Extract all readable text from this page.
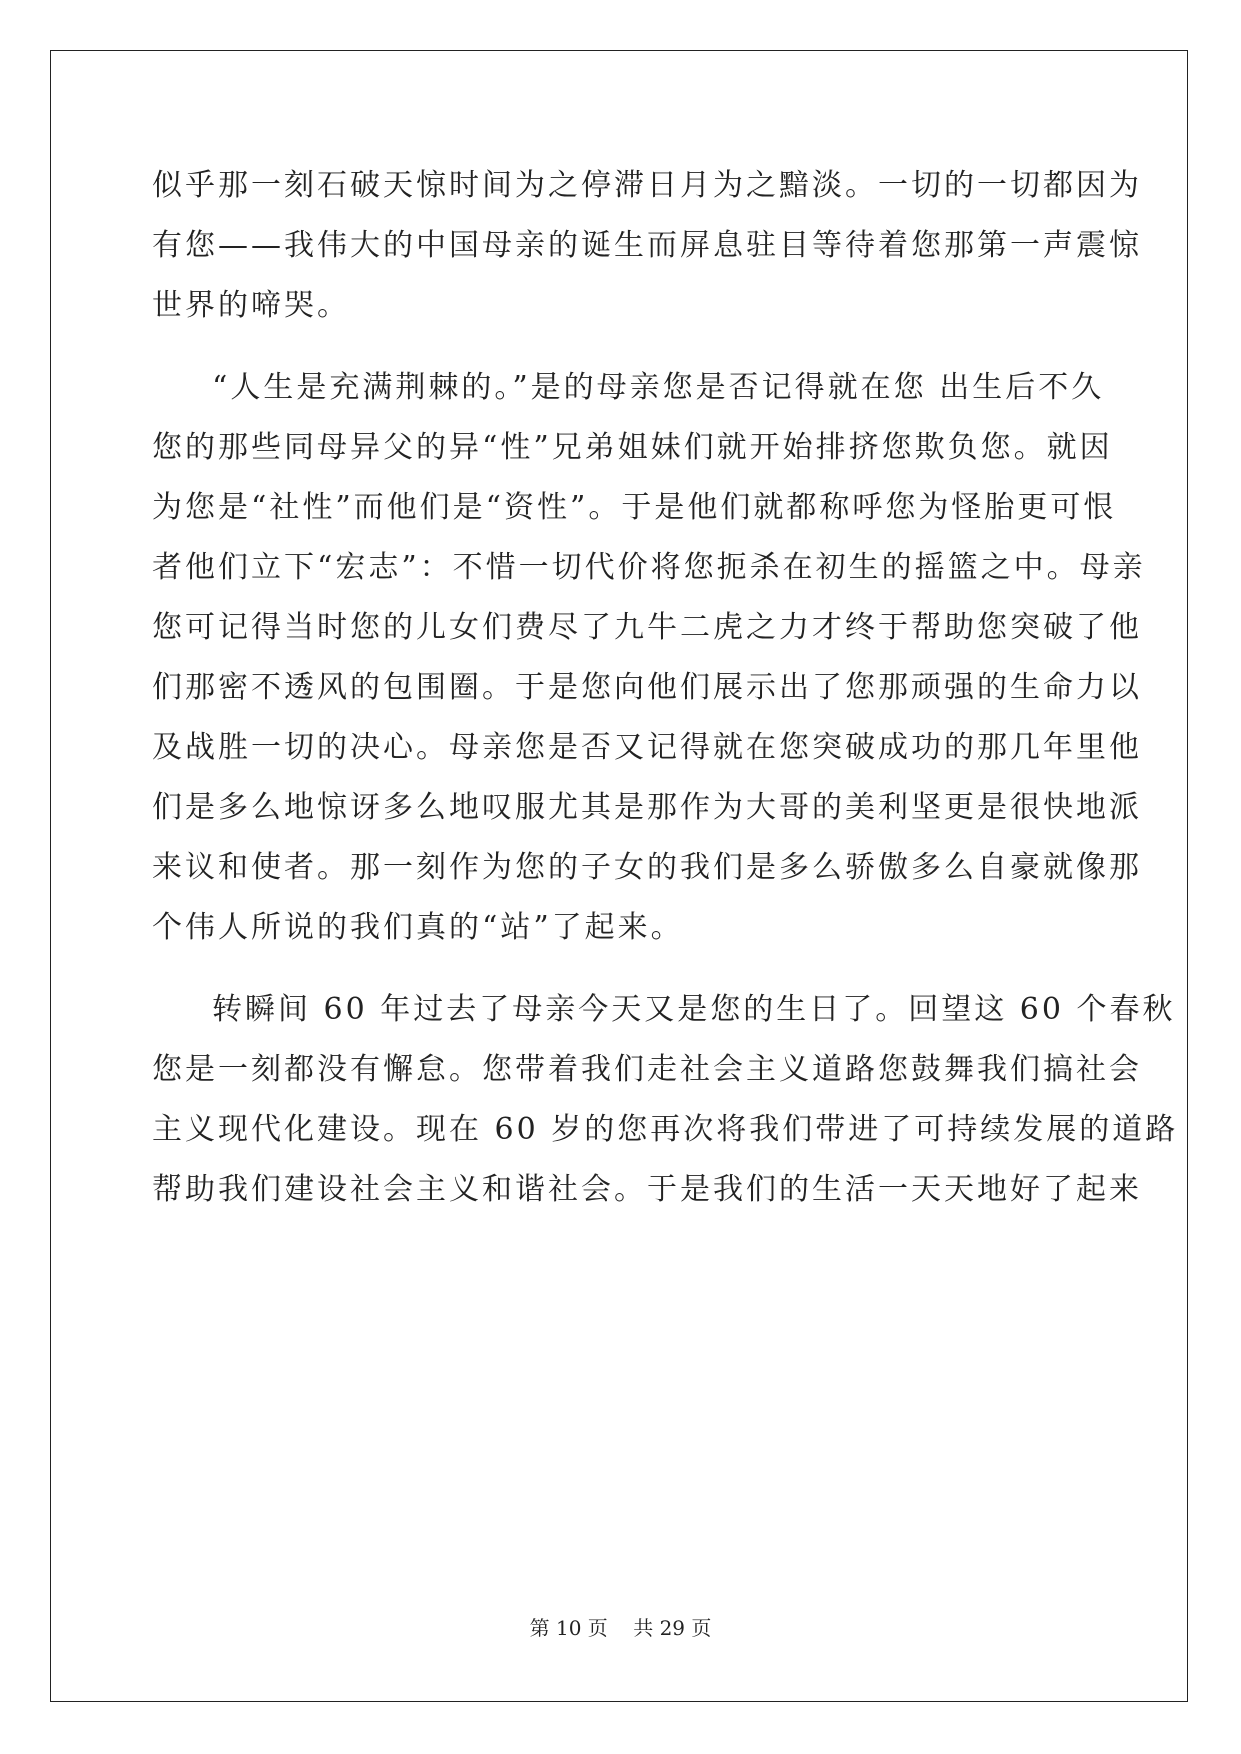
似乎那一刻石破天惊时间为之停滞日月为之黯淡。一切的一切都因为
有您——我伟大的中国母亲的诞生而屏息驻目等待着您那第一声震惊
世界的啼哭。
“人生是充满荆棘的。”是的母亲您是否记得就在您 出生后不久
您的那些同母异父的异“性”兄弟姐妹们就开始排挤您欺负您。就因
为您是“社性”而他们是“资性”。于是他们就都称呼您为怪胎更可恨
者他们立下“宏志”：不惜一切代价将您扼杀在初生的摇篮之中。母亲
您可记得当时您的儿女们费尽了九牛二虎之力才终于帮助您突破了他
们那密不透风的包围圈。于是您向他们展示出了您那顽强的生命力以
及战胜一切的决心。母亲您是否又记得就在您突破成功的那几年里他
们是多么地惊讶多么地叹服尤其是那作为大哥的美利坚更是很快地派
来议和使者。那一刻作为您的子女的我们是多么骄傲多么自豪就像那
个伟人所说的我们真的“站”了起来。
转瞬间 60 年过去了母亲今天又是您的生日了。回望这 60 个春秋
您是一刻都没有懈怠。您带着我们走社会主义道路您鼓舞我们搞社会
主义现代化建设。现在 60 岁的您再次将我们带进了可持续发展的道路
帮助我们建设社会主义和谐社会。于是我们的生活一天天地好了起来
第 10 页 共 29 页
